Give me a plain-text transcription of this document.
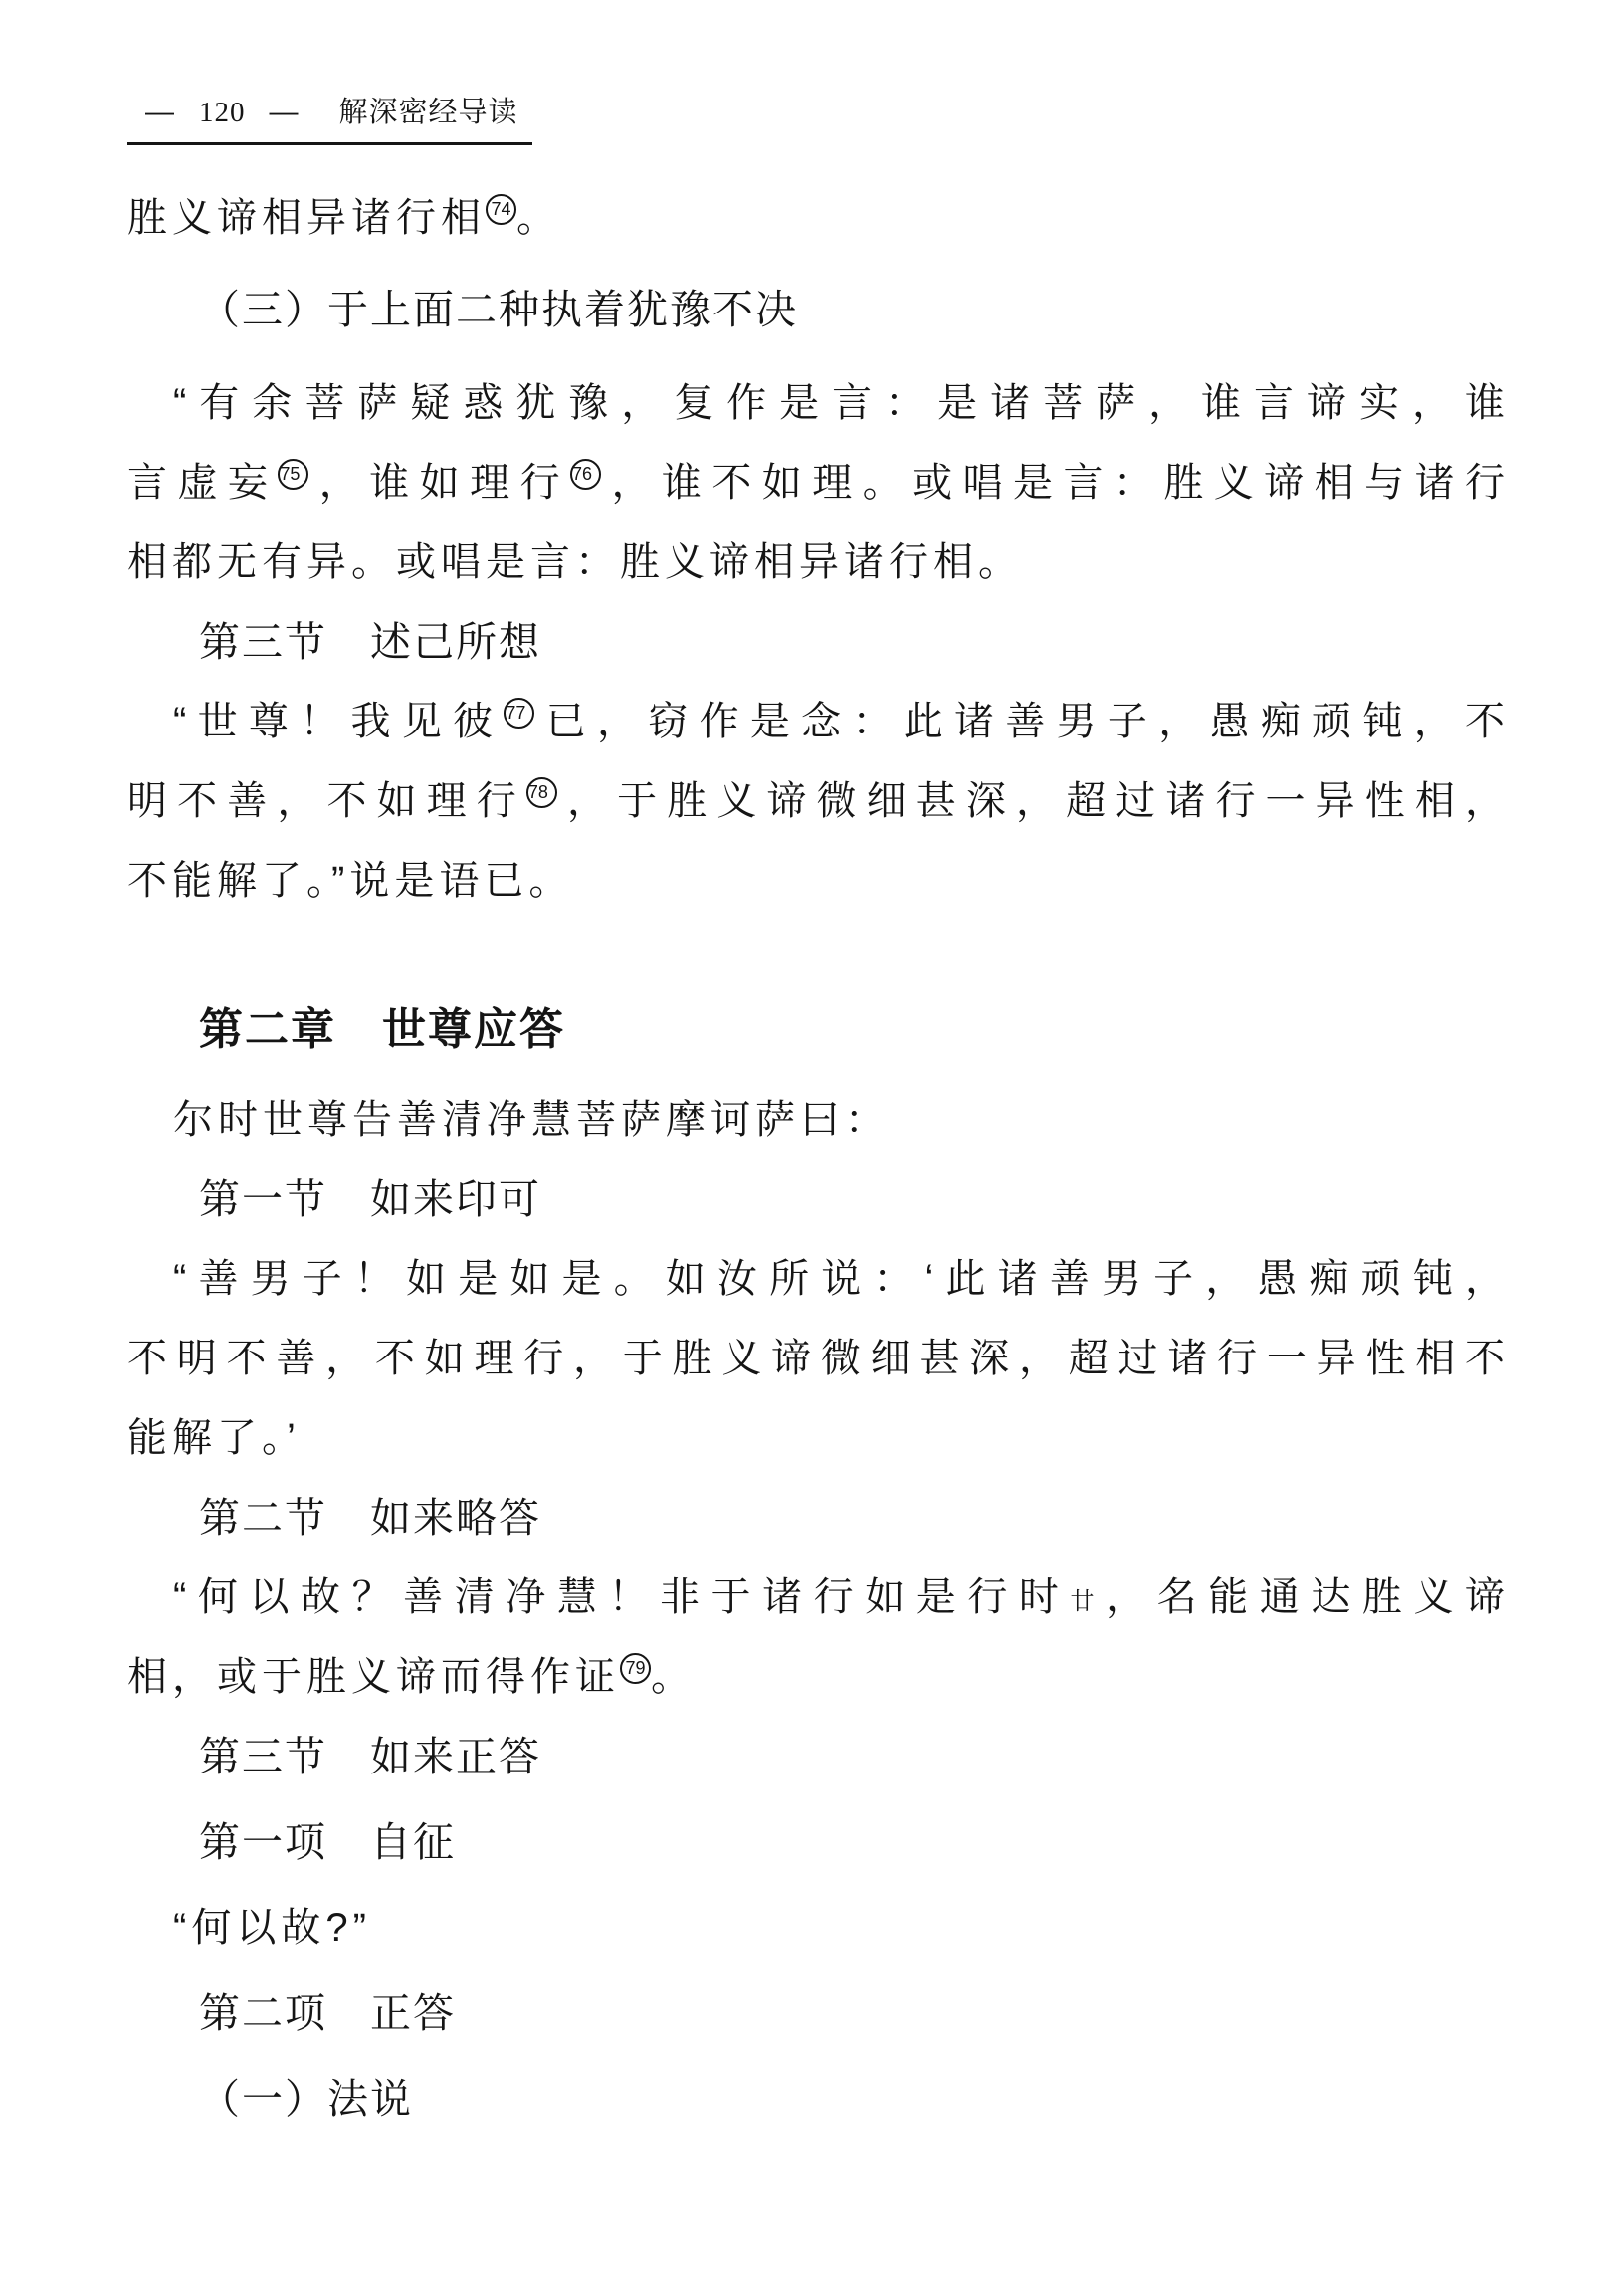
— 120 — 解深密经导读
胜义谛相异诸行相 74 。
（三）于上面二种执着犹豫不决
“有余菩萨疑惑犹豫，复作是言：是诸菩萨，谁言谛实，谁
言虚妄 75 ，谁如理行 76 ，谁不如理。或唱是言：胜义谛相与诸行
相都无有异。或唱是言：胜义谛相异诸行相。
第三节　述己所想
“世尊！我见彼 77 已，窃作是念：此诸善男子，愚痴顽钝，不
明不善，不如理行 78 ，于胜义谛微细甚深，超过诸行一异性相，
不能解了。”说是语已。
第二章　世尊应答
尔时世尊告善清净慧菩萨摩诃萨曰：
第一节　如来印可
“善男子！如是如是。如汝所说：‘此诸善男子，愚痴顽钝，
不明不善，不如理行，于胜义谛微细甚深，超过诸行一异性相不
能解了。’
第二节　如来略答
“何以故？善清净慧！非于诸行如是行时廿，名能通达胜义谛
相，或于胜义谛而得作证 79 。
第三节　如来正答
第一项　自征
“何以故?”
第二项　正答
（一）法说
